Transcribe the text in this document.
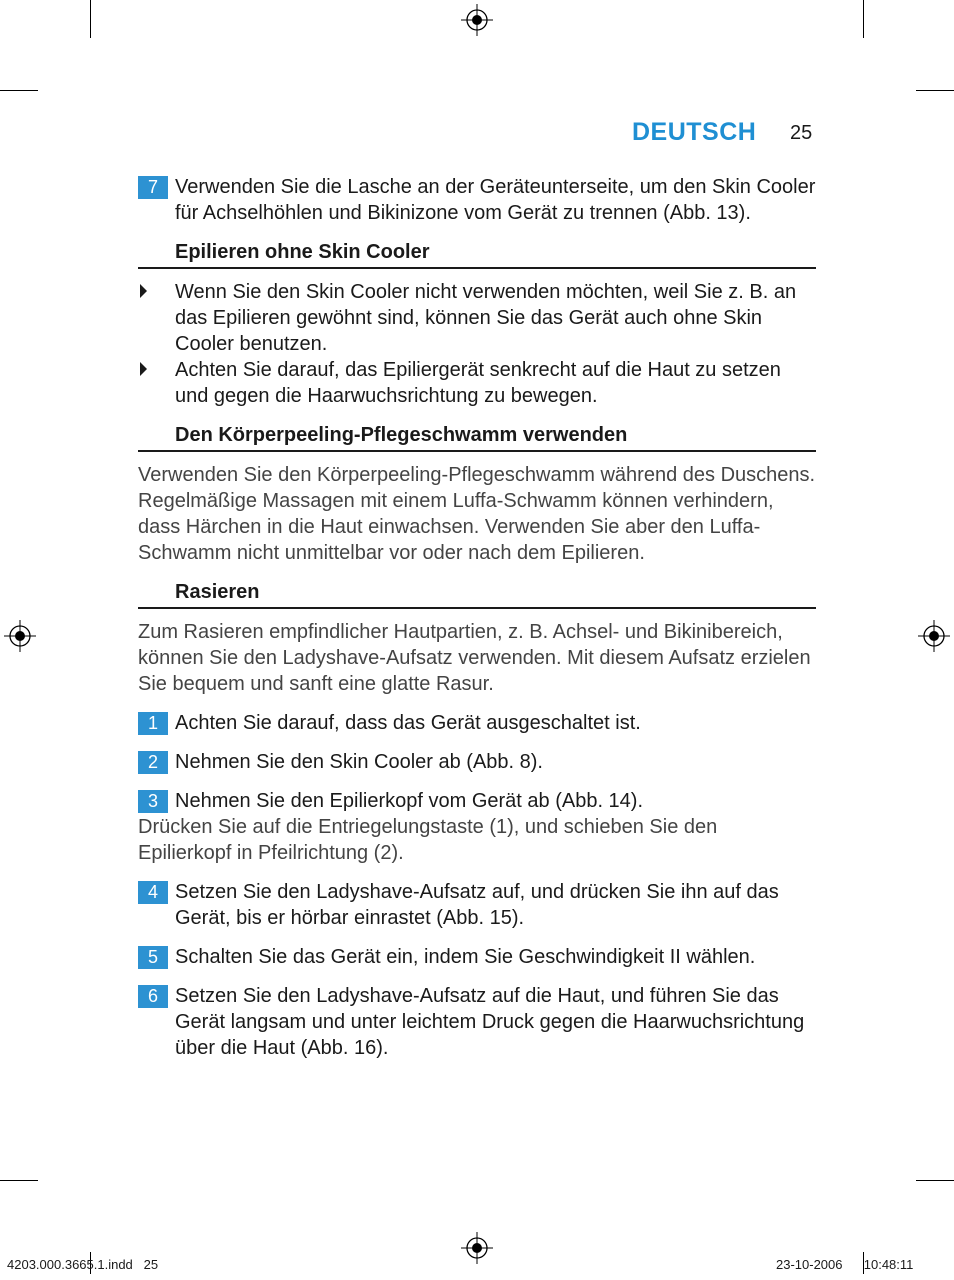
DEUTSCH 25
7 Verwenden Sie die Lasche an der Geräteunterseite, um den Skin Cooler für Achselhöhlen und Bikinizone vom Gerät zu trennen (Abb. 13).
Epilieren ohne Skin Cooler
Wenn Sie den Skin Cooler nicht verwenden möchten, weil Sie z. B. an das Epilieren gewöhnt sind, können Sie das Gerät auch ohne Skin Cooler benutzen.
Achten Sie darauf, das Epiliergerät senkrecht auf die Haut zu setzen und gegen die Haarwuchsrichtung zu bewegen.
Den Körperpeeling-Pflegeschwamm verwenden
Verwenden Sie den Körperpeeling-Pflegeschwamm während des Duschens.
Regelmäßige Massagen mit einem Luffa-Schwamm können verhindern, dass Härchen in die Haut einwachsen. Verwenden Sie aber den Luffa-Schwamm nicht unmittelbar vor oder nach dem Epilieren.
Rasieren
Zum Rasieren empfindlicher Hautpartien, z. B. Achsel- und Bikinibereich, können Sie den Ladyshave-Aufsatz verwenden. Mit diesem Aufsatz erzielen Sie bequem und sanft eine glatte Rasur.
1 Achten Sie darauf, dass das Gerät ausgeschaltet ist.
2 Nehmen Sie den Skin Cooler ab (Abb. 8).
3 Nehmen Sie den Epilierkopf vom Gerät ab (Abb. 14).
Drücken Sie auf die Entriegelungstaste (1), und schieben Sie den Epilierkopf in Pfeilrichtung (2).
4 Setzen Sie den Ladyshave-Aufsatz auf, und drücken Sie ihn auf das Gerät, bis er hörbar einrastet (Abb. 15).
5 Schalten Sie das Gerät ein, indem Sie Geschwindigkeit II wählen.
6 Setzen Sie den Ladyshave-Aufsatz auf die Haut, und führen Sie das Gerät langsam und unter leichtem Druck gegen die Haarwuchsrichtung über die Haut (Abb. 16).
4203.000.3665.1.indd   25	23-10-2006 10:48:11
